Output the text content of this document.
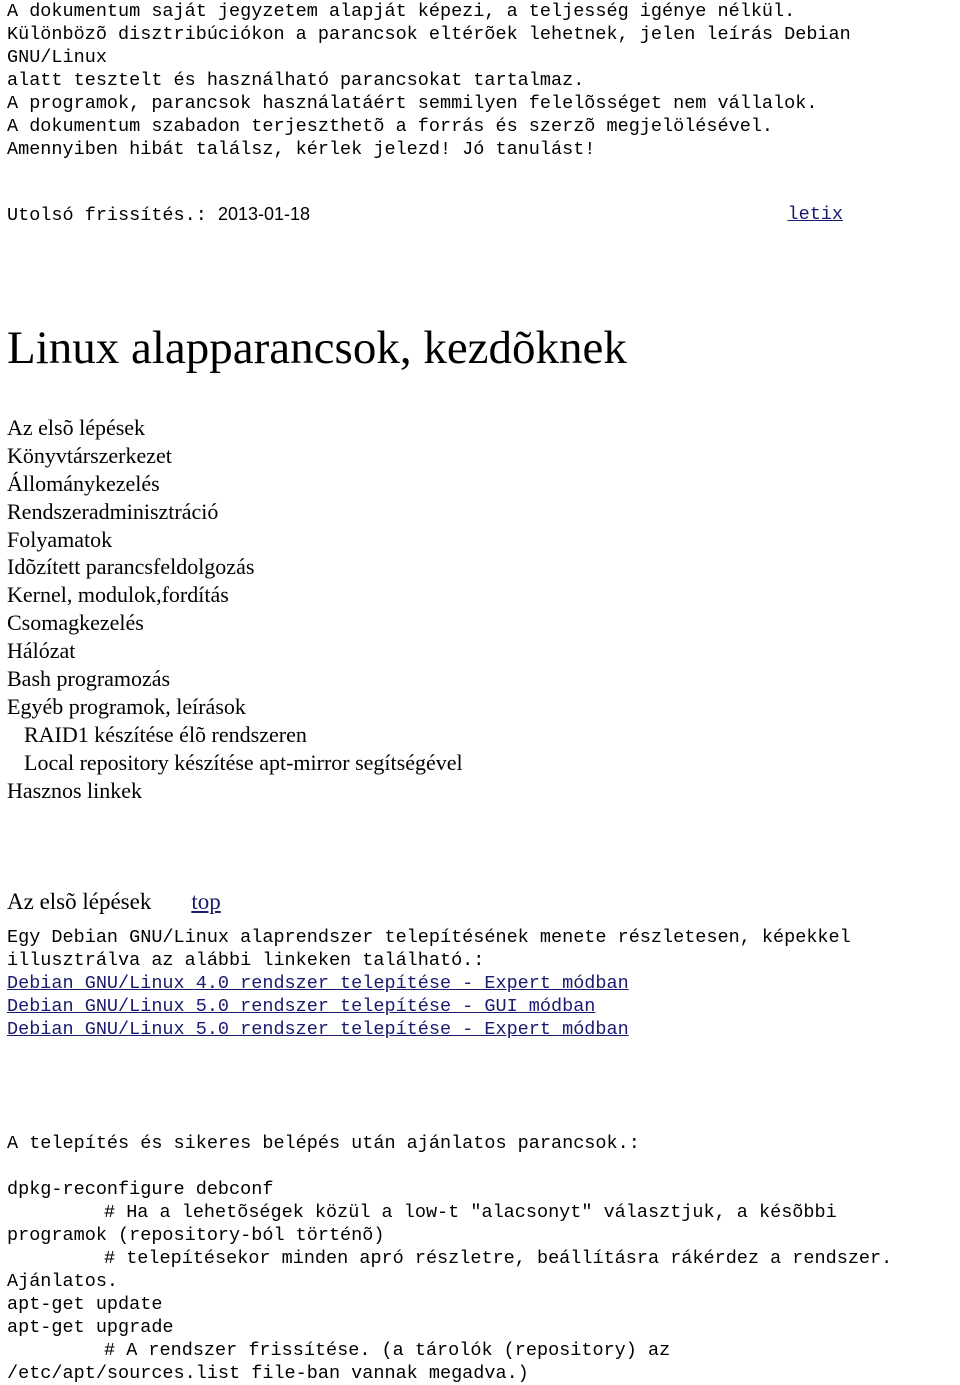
A dokumentum saját jegyzetem alapját képezi, a teljesség igénye nélkül.
Különbözõ disztribúciókon a parancsok eltérõek lehetnek, jelen leírás Debian
GNU/Linux
alatt tesztelt és használható parancsokat tartalmaz.
A programok, parancsok használatáért semmilyen felelõsséget nem vállalok.
A dokumentum szabadon terjeszthetõ a forrás és szerzõ megjelölésével.
Amennyiben hibát találsz, kérlek jelezd! Jó tanulást!
Utolsó frissítés.: 2013-01-18	letix
Linux alapparancsok, kezdõknek
Az elsõ lépések
Könyvtárszerkezet
Állománykezelés
Rendszeradminisztráció
Folyamatok
Idõzített parancsfeldolgozás
Kernel, modulok,fordítás
Csomagkezelés
Hálózat
Bash programozás
Egyéb programok, leírások
RAID1 készítése élõ rendszeren
Local repository készítése apt-mirror segítségével
Hasznos linkek
Az elsõ lépések top
Egy Debian GNU/Linux alaprendszer telepítésének menete részletesen, képekkel
illusztrálva az alábbi linkeken található.:
Debian GNU/Linux 4.0 rendszer telepítése - Expert módban
Debian GNU/Linux 5.0 rendszer telepítése - GUI módban
Debian GNU/Linux 5.0 rendszer telepítése - Expert módban
A telepítés és sikeres belépés után ajánlatos parancsok.:
dpkg-reconfigure debconf
# Ha a lehetõségek közül a low-t "alacsonyt" választjuk, a késõbbi
programok (repository-ból történõ)
# telepítésekor minden apró részletre, beállításra rákérdez a rendszer.
Ajánlatos.
apt-get update
apt-get upgrade
# A rendszer frissítése. (a tárolók (repository) az
/etc/apt/sources.list file-ban vannak megadva.)
